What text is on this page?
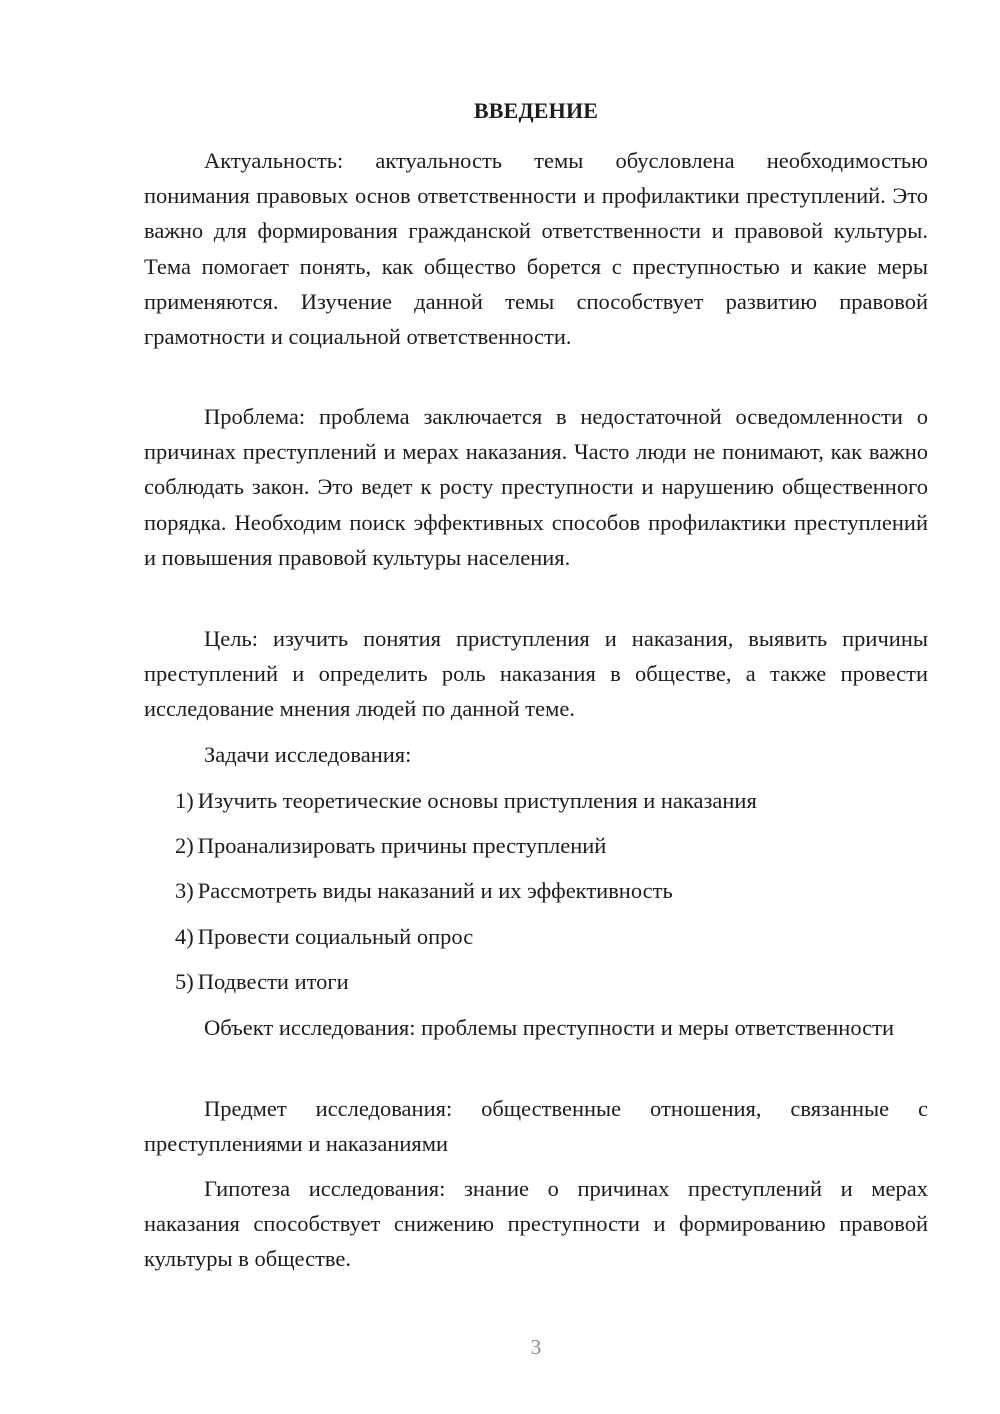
ВВЕДЕНИЕ

Актуальность: актуальность темы обусловлена необходимостью понимания правовых основ ответственности и профилактики преступлений. Это важно для формирования гражданской ответственности и правовой культуры. Тема помогает понять, как общество борется с преступностью и какие меры применяются. Изучение данной темы способствует развитию правовой грамотности и социальной ответственности.

Проблема: проблема заключается в недостаточной осведомленности о причинах преступлений и мерах наказания. Часто люди не понимают, как важно соблюдать закон. Это ведет к росту преступности и нарушению общественного порядка. Необходим поиск эффективных способов профилактики преступлений и повышения правовой культуры населения.

Цель: изучить понятия приступления и наказания, выявить причины преступлений и определить роль наказания в обществе, а также провести исследование мнения людей по данной теме.

Задачи исследования:

1) Изучить теоретические основы приступления и наказания

2) Проанализировать причины преступлений

3) Рассмотреть виды наказаний и их эффективность

4) Провести социальный опрос

5) Подвести итоги

Объект исследования: проблемы преступности и меры ответственности

Предмет исследования: общественные отношения, связанные с преступлениями и наказаниями

Гипотеза исследования: знание о причинах преступлений и мерах наказания способствует снижению преступности и формированию правовой культуры в обществе.

3
